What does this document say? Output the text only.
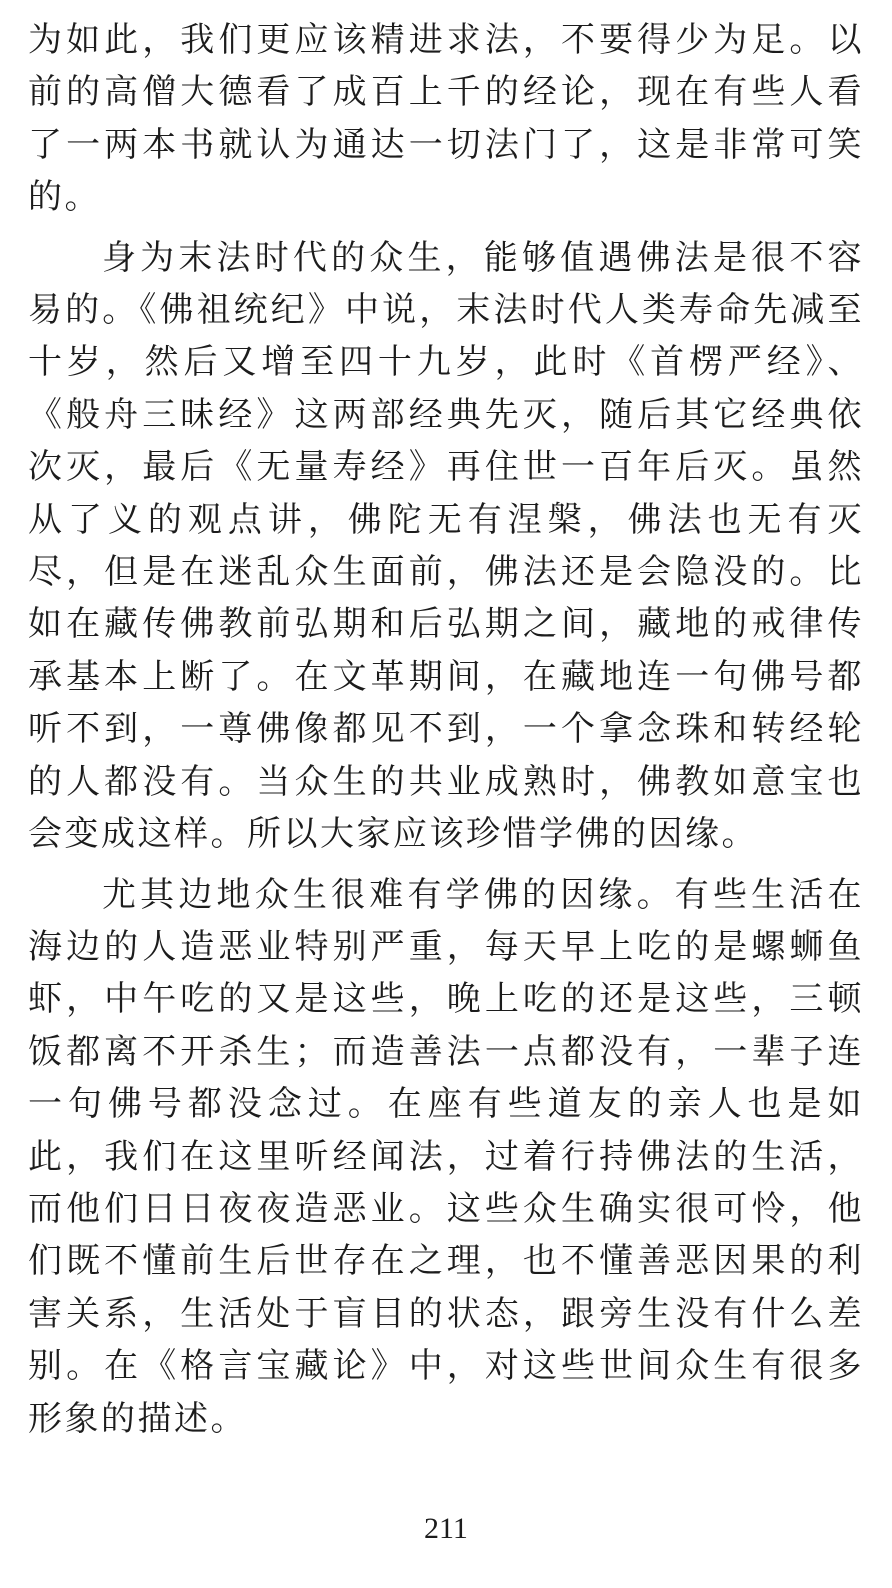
为如此，我们更应该精进求法，不要得少为足。以前的高僧大德看了成百上千的经论，现在有些人看了一两本书就认为通达一切法门了，这是非常可笑的。

身为末法时代的众生，能够值遇佛法是很不容易的。《佛祖统纪》中说，末法时代人类寿命先减至十岁，然后又增至四十九岁，此时《首楞严经》、《般舟三昧经》这两部经典先灭，随后其它经典依次灭，最后《无量寿经》再住世一百年后灭。虽然从了义的观点讲，佛陀无有涅槃，佛法也无有灭尽，但是在迷乱众生面前，佛法还是会隐没的。比如在藏传佛教前弘期和后弘期之间，藏地的戒律传承基本上断了。在文革期间，在藏地连一句佛号都听不到，一尊佛像都见不到，一个拿念珠和转经轮的人都没有。当众生的共业成熟时，佛教如意宝也会变成这样。所以大家应该珍惜学佛的因缘。

尤其边地众生很难有学佛的因缘。有些生活在海边的人造恶业特别严重，每天早上吃的是螺蛳鱼虾，中午吃的又是这些，晚上吃的还是这些，三顿饭都离不开杀生；而造善法一点都没有，一辈子连一句佛号都没念过。在座有些道友的亲人也是如此，我们在这里听经闻法，过着行持佛法的生活，而他们日日夜夜造恶业。这些众生确实很可怜，他们既不懂前生后世存在之理，也不懂善恶因果的利害关系，生活处于盲目的状态，跟旁生没有什么差别。在《格言宝藏论》中，对这些世间众生有很多形象的描述。

211
